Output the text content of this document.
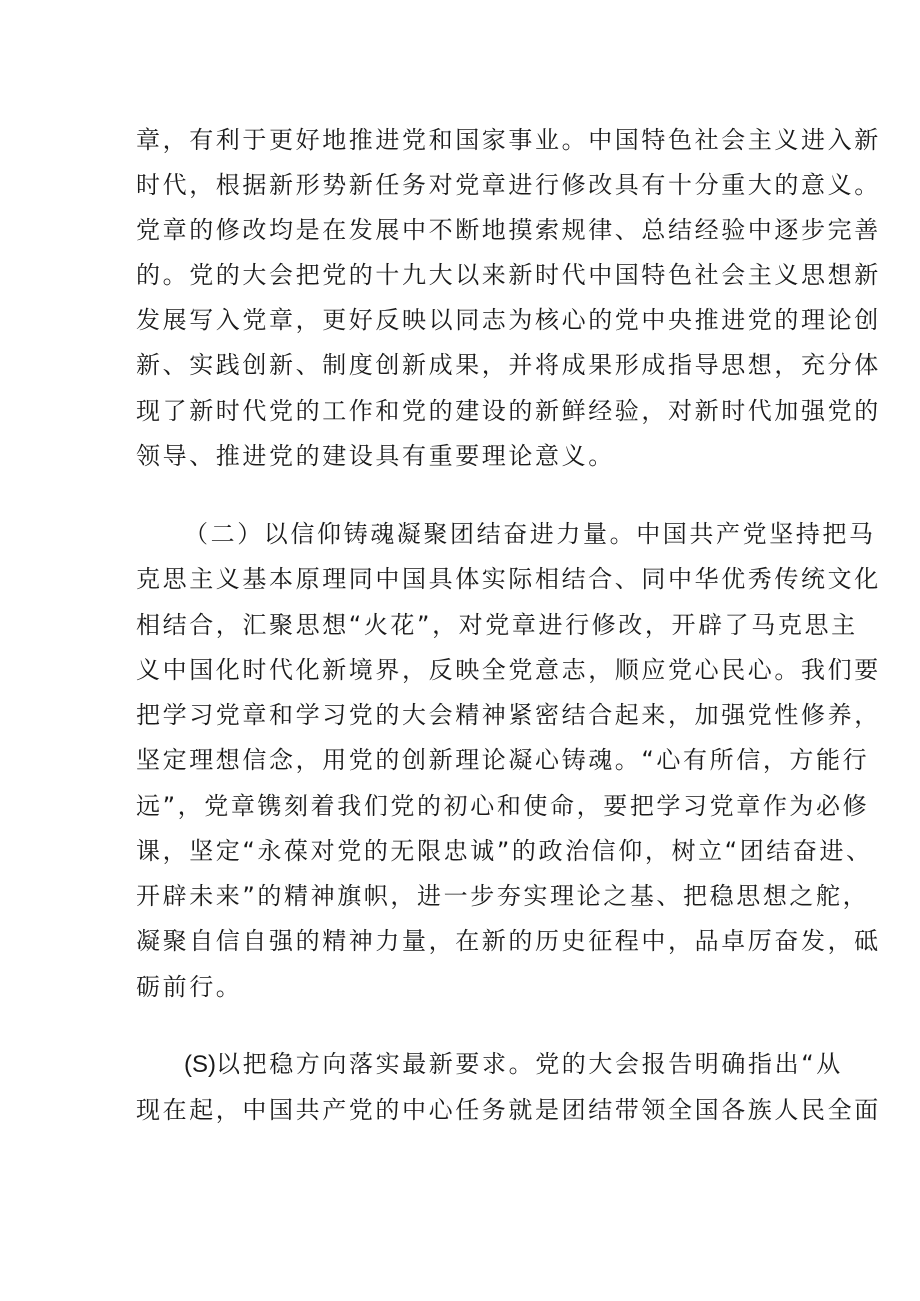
章，有利于更好地推进党和国家事业。中国特色社会主义进入新
时代，根据新形势新任务对党章进行修改具有十分重大的意义。
党章的修改均是在发展中不断地摸索规律、总结经验中逐步完善
的。党的大会把党的十九大以来新时代中国特色社会主义思想新
发展写入党章，更好反映以同志为核心的党中央推进党的理论创
新、实践创新、制度创新成果，并将成果形成指导思想，充分体
现了新时代党的工作和党的建设的新鲜经验，对新时代加强党的
领导、推进党的建设具有重要理论意义。
（二）以信仰铸魂凝聚团结奋进力量。中国共产党坚持把马
克思主义基本原理同中国具体实际相结合、同中华优秀传统文化
相结合，汇聚思想“火花”，对党章进行修改，开辟了马克思主
义中国化时代化新境界，反映全党意志，顺应党心民心。我们要
把学习党章和学习党的大会精神紧密结合起来，加强党性修养，
坚定理想信念，用党的创新理论凝心铸魂。“心有所信，方能行
远”，党章镌刻着我们党的初心和使命，要把学习党章作为必修
课，坚定“永葆对党的无限忠诚”的政治信仰，树立“团结奋进、
开辟未来”的精神旗帜，进一步夯实理论之基、把稳思想之舵，
凝聚自信自强的精神力量，在新的历史征程中，品卓厉奋发，砥
砺前行。
(S)以把稳方向落实最新要求。党的大会报告明确指出“从
现在起，中国共产党的中心任务就是团结带领全国各族人民全面
